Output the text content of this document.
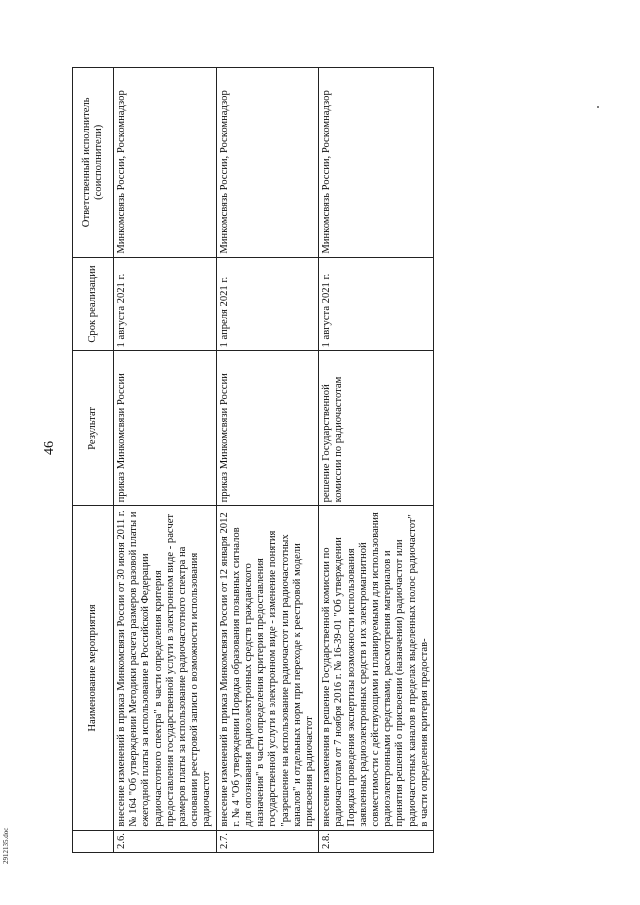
46
2912135.doc
	Наименование мероприятия	Результат	Срок реализации	Ответственный исполнитель (соисполнители)
2.6.	внесение изменений в приказ Минкомсвязи России от 30 июня 2011 г. № 164 "Об утверждении Методики расчета размеров разовой платы и ежегодной платы за использование в Российской Федерации радиочастотного спектра" в части определения критерия предоставления государственной услуги в электронном виде - расчет размеров платы за использование радиочастотного спектра на основании реестровой записи о возможности использования радиочастот	приказ Минкомсвязи России	1 августа 2021 г.	Минкомсвязь России, Роскомнадзор
2.7.	внесение изменений в приказ Минкомсвязи России от 12 января 2012 г. № 4 "Об утверждении Порядка образования позывных сигналов для опознавания радиоэлектронных средств гражданского назначения" в части определения критерия предоставления государственной услуги в электронном виде - изменение понятия "разрешение на использование радиочастот или радиочастотных каналов" и отдельных норм при переходе к реестровой модели присвоения радиочастот	приказ Минкомсвязи России	1 апреля 2021 г.	Минкомсвязь России, Роскомнадзор
2.8.	внесение изменения в решение Государственной комиссии по радиочастотам от 7 ноября 2016 г. № 16-39-01 "Об утверждении Порядка проведения экспертизы возможности использования заявленных радиоэлектронных средств и их электромагнитной совместимости с действующими и планируемыми для использования радиоэлектронными средствами, рассмотрения материалов и принятия решений о присвоении (назначении) радиочастот или радиочастотных каналов в пределах выделенных полос радиочастот" в части определения критерия предостав-	решение Государственной комиссии по радиочастотам	1 августа 2021 г.	Минкомсвязь России, Роскомнадзор
